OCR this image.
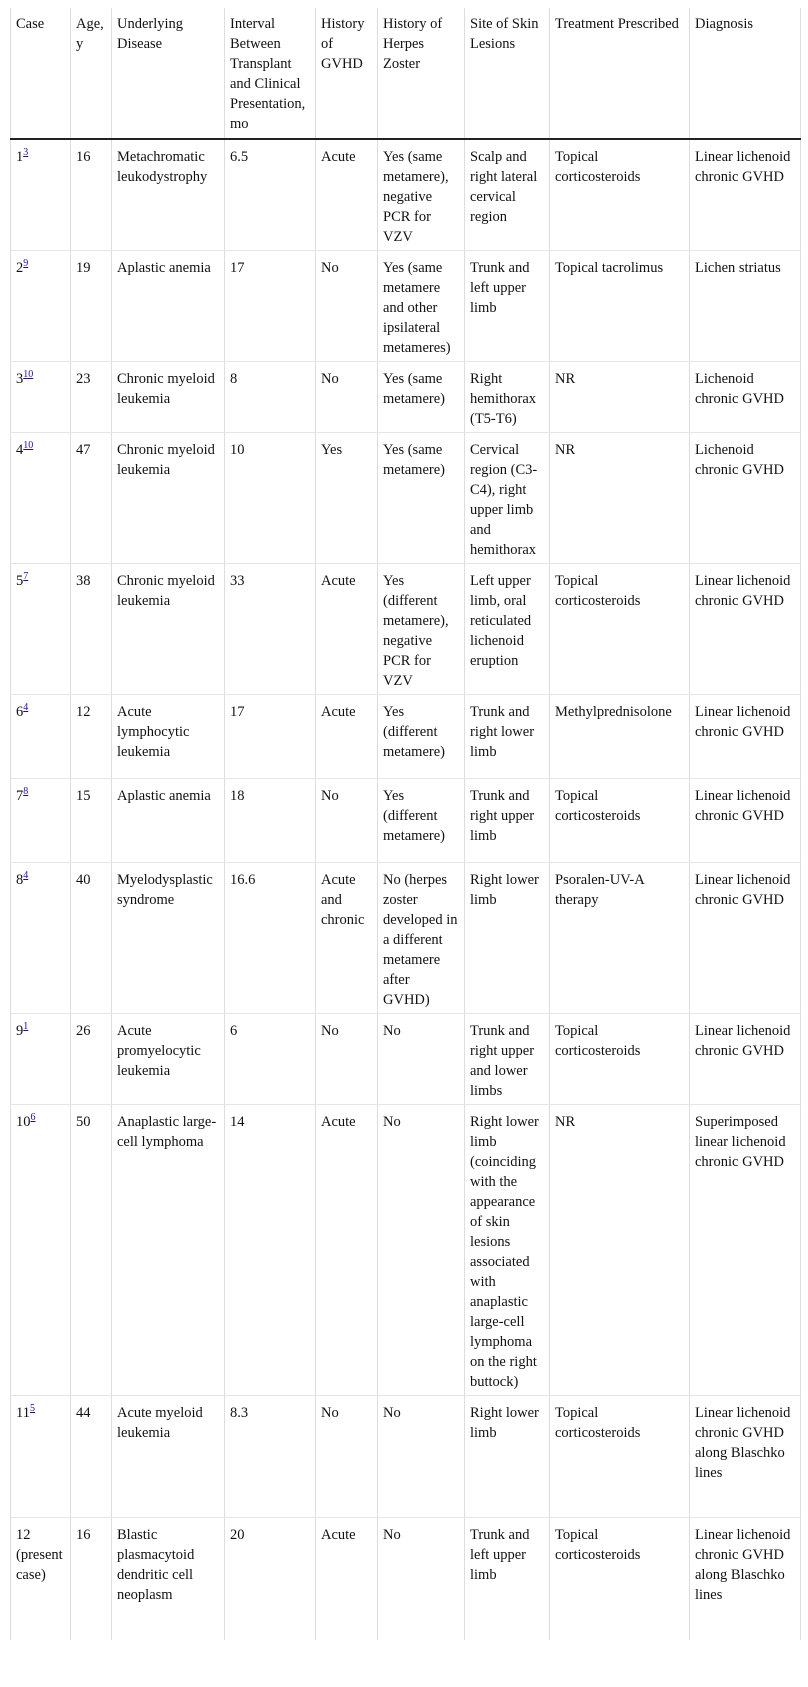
Case	Age, y	Underlying Disease	Interval Between Transplant and Clinical Presentation, mo	History of GVHD	History of Herpes Zoster	Site of Skin Lesions	Treatment Prescribed	Diagnosis
1$^3$	16	Metachromatic leukodystrophy	6.5	Acute	Yes (same metamere), negative PCR for VZV	Scalp and right lateral cervical region	Topical corticosteroids	Linear lichenoid chronic GVHD
2$^9$	19	Aplastic anemia	17	No	Yes (same metamere and other ipsilateral metameres)	Trunk and left upper limb	Topical tacrolimus	Lichen striatus
3$^{10}$	23	Chronic myeloid leukemia	8	No	Yes (same metamere)	Right hemithorax (T5-T6)	NR	Lichenoid chronic GVHD
4$^{10}$	47	Chronic myeloid leukemia	10	Yes	Yes (same metamere)	Cervical region (C3-C4), right upper limb and hemithorax	NR	Lichenoid chronic GVHD
5$^7$	38	Chronic myeloid leukemia	33	Acute	Yes (different metamere), negative PCR for VZV	Left upper limb, oral reticulated lichenoid eruption	Topical corticosteroids	Linear lichenoid chronic GVHD
6$^4$	12	Acute lymphocytic leukemia	17	Acute	Yes (different metamere)	Trunk and right lower limb	Methylprednisolone	Linear lichenoid chronic GVHD
7$^8$	15	Aplastic anemia	18	No	Yes (different metamere)	Trunk and right upper limb	Topical corticosteroids	Linear lichenoid chronic GVHD
8$^4$	40	Myelodysplastic syndrome	16.6	Acute and chronic	No (herpes zoster developed in a different metamere after GVHD)	Right lower limb	Psoralen-UV-A therapy	Linear lichenoid chronic GVHD
9$^1$	26	Acute promyelocytic leukemia	6	No	No	Trunk and right upper and lower limbs	Topical corticosteroids	Linear lichenoid chronic GVHD
10$^6$	50	Anaplastic large-cell lymphoma	14	Acute	No	Right lower limb (coinciding with the appearance of skin lesions associated with anaplastic large-cell lymphoma on the right buttock)	NR	Superimposed linear lichenoid chronic GVHD
11$^5$	44	Acute myeloid leukemia	8.3	No	No	Right lower limb	Topical corticosteroids	Linear lichenoid chronic GVHD along Blaschko lines
12 (present case)	16	Blastic plasmacytoid dendritic cell neoplasm	20	Acute	No	Trunk and left upper limb	Topical corticosteroids	Linear lichenoid chronic GVHD along Blaschko lines
